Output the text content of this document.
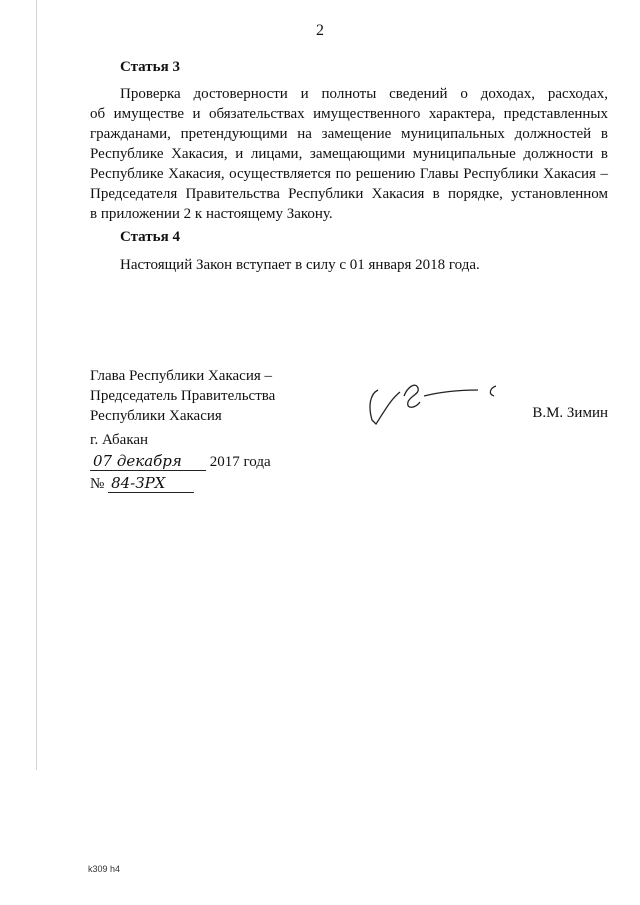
2
Статья 3

Проверка достоверности и полноты сведений о доходах, расходах,
об имуществе и обязательствах имущественного характера, представленных
гражданами, претендующими на замещение муниципальных должностей в
Республике Хакасия, и лицами, замещающими муниципальные должности в
Республике Хакасия, осуществляется по решению Главы Республики Хакасия –
Председателя Правительства Республики Хакасия в порядке, установленном
в приложении 2 к настоящему Закону.

Статья 4

Настоящий Закон вступает в силу с 01 января 2018 года.

Глава Республики Хакасия –
Председатель Правительства
Республики Хакасия	В.М. Зимин
г. Абакан
07 декабря 2017 года
№ 84-ЗРХ
k309 h4
